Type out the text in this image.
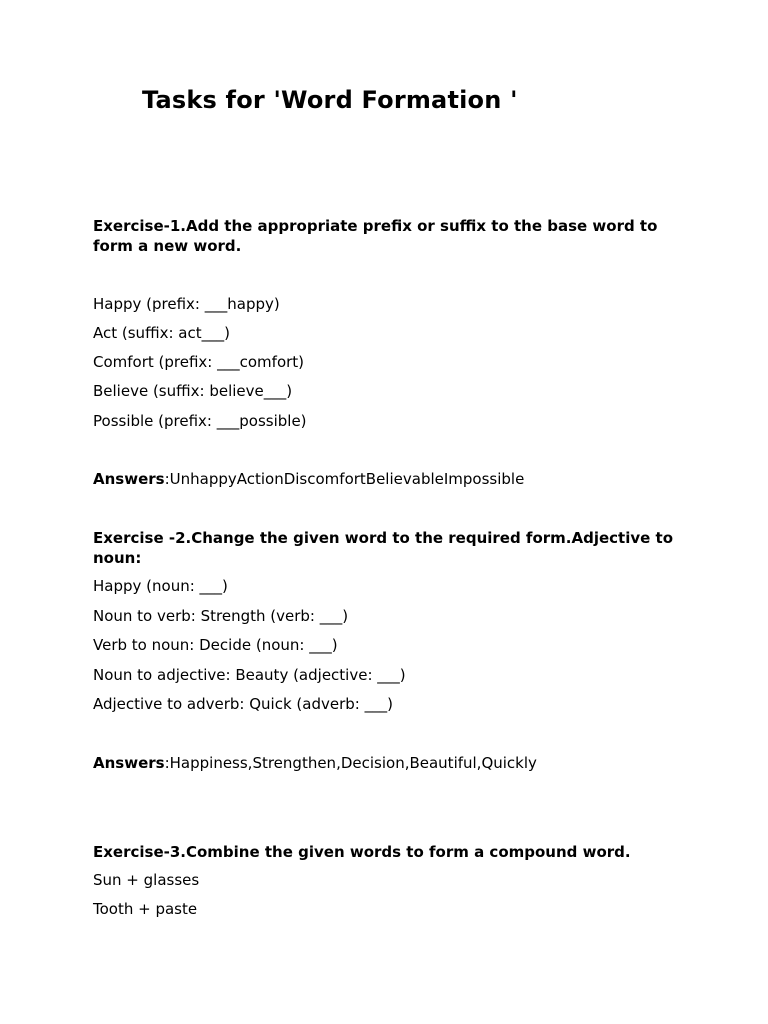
Tasks for 'Word Formation '
Exercise-1.Add the appropriate prefix or suffix to the base word to form a new word.
Happy (prefix: ___happy)
Act (suffix: act___)
Comfort (prefix: ___comfort)
Believe (suffix: believe___)
Possible (prefix: ___possible)
Answers:UnhappyActionDiscomfortBelievableImpossible
Exercise -2.Change the given word to the required form.Adjective to noun:
Happy (noun: ___)
Noun to verb: Strength (verb: ___)
Verb to noun: Decide (noun: ___)
Noun to adjective: Beauty (adjective: ___)
Adjective to adverb: Quick (adverb: ___)
Answers:Happiness,Strengthen,Decision,Beautiful,Quickly
Exercise-3.Combine the given words to form a compound word.
Sun + glasses
Tooth + paste
